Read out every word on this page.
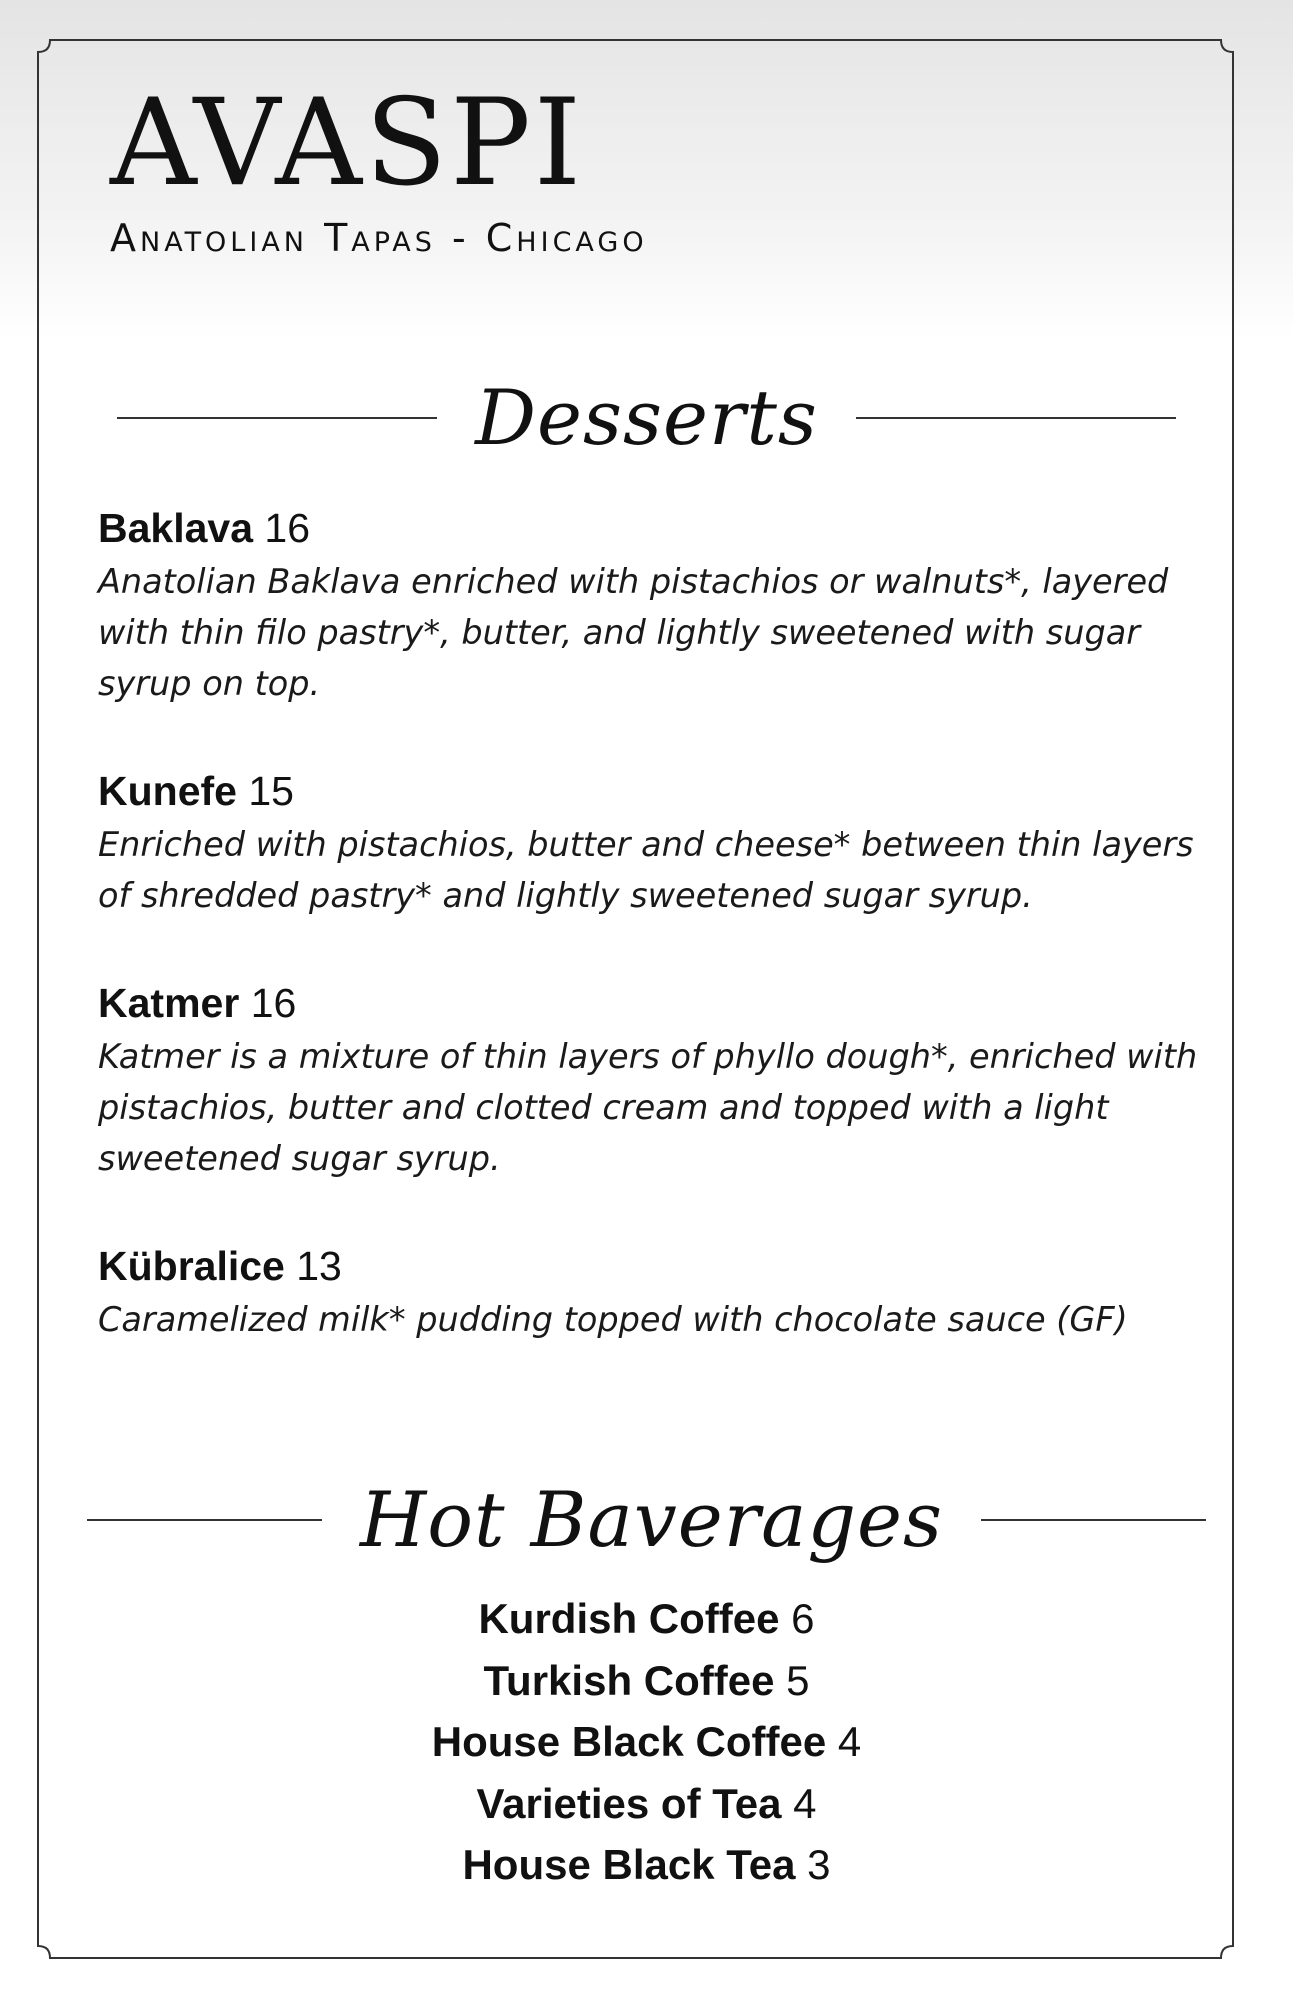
AVASPI
Anatolian Tapas - Chicago
Desserts
Baklava 16
Anatolian Baklava enriched with pistachios or walnuts*, layered with thin filo pastry*, butter, and lightly sweetened with sugar syrup on top.
Kunefe 15
Enriched with pistachios, butter and cheese* between thin layers of shredded pastry* and lightly sweetened sugar syrup.
Katmer 16
Katmer is a mixture of thin layers of phyllo dough*, enriched with pistachios, butter and clotted cream and topped with a light sweetened sugar syrup.
Kübralice 13
Caramelized milk* pudding topped with chocolate sauce (GF)
Hot Baverages
Kurdish Coffee 6
Turkish Coffee 5
House Black Coffee 4
Varieties of Tea 4
House Black Tea 3
